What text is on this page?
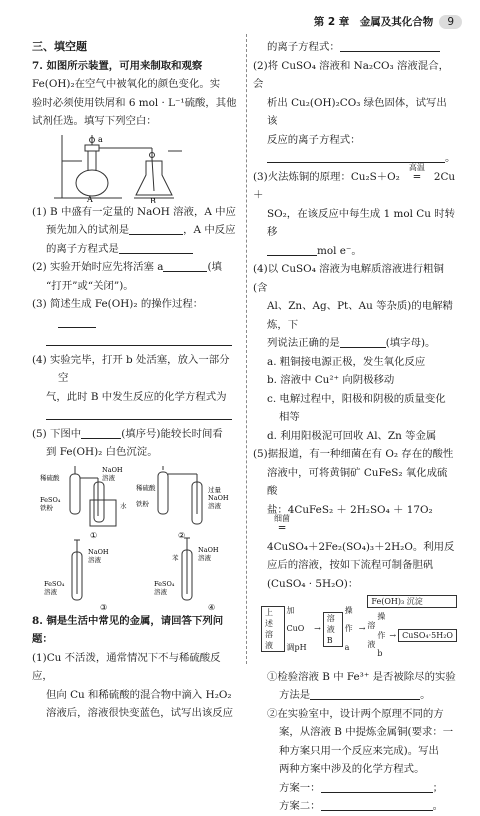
第 2 章　金属及其化合物	9

三、填空题

7. 如图所示装置，可用来制取和观察

Fe(OH)₂在空气中被氧化的颜色变化。实

验时必须使用铁屑和 6 mol · L⁻¹硫酸，其他

试剂任选。填写下列空白：

a
A	B

(1) B 中盛有一定量的 NaOH 溶液，A 中应

预先加入的试剂是	，A 中反应

的离子方程式是

(2) 实验开始时应先将活塞 a	(填

“打开”或“关闭”)。

(3) 简述生成 Fe(OH)₂ 的操作过程：

(4) 实验完毕，打开 b 处活塞，放入一部分空

气，此时 B 中发生反应的化学方程式为

(5) 下图中	(填序号)能较长时间看

到 Fe(OH)₂ 白色沉淀。

稀硫酸
FeSO₄
铁粉
NaOH
溶液
水
稀硫酸
铁粉
过量
NaOH
溶液
NaOH
溶液
FeSO₄
溶液
苯
NaOH
溶液
FeSO₄
溶液
①	②
③	④

8. 铜是生活中常见的金属，请回答下列问题：

(1)Cu 不活泼，通常情况下不与稀硫酸反应，

但向 Cu 和稀硫酸的混合物中滴入 H₂O₂

溶液后，溶液很快变蓝色，试写出该反应

的离子方程式：

(2)将 CuSO₄ 溶液和 Na₂CO₃ 溶液混合，会

析出 Cu₂(OH)₂CO₃ 绿色固体，试写出该

反应的离子方程式：

。

(3)火法炼铜的原理：Cu₂S＋O₂
高温
═ 2Cu＋

SO₂，在该反应中每生成 1 mol Cu 时转移

mol e⁻。

(4)以 CuSO₄ 溶液为电解质溶液进行粗铜(含

Al、Zn、Ag、Pt、Au 等杂质)的电解精炼，下

列说法正确的是	(填字母)。

a. 粗铜接电源正极，发生氧化反应

b. 溶液中 Cu²⁺ 向阴极移动

c. 电解过程中，阳极和阴极的质量变化

相等

d. 利用阳极泥可回收 Al、Zn 等金属

(5)据报道，有一种细菌在有 O₂ 存在的酸性

溶液中，可将黄铜矿 CuFeS₂ 氧化成硫酸

盐：4CuFeS₂ ＋ 2H₂SO₄ ＋ 17O₂
细菌
═

4CuSO₄＋2Fe₂(SO₄)₃＋2H₂O。利用反

应后的溶液，按如下流程可制备胆矾

(CuSO₄ · 5H₂O)：

上述溶液
加CuO 调pH
→
溶液 B
操作a
→
Fe(OH)₃ 沉淀
溶液
操作b
→ CuSO₄·5H₂O

①检验溶液 B 中 Fe³⁺ 是否被除尽的实验

方法是	。

②在实验室中，设计两个原理不同的方

案，从溶液 B 中提炼金属铜(要求：一

种方案只用一个反应来完成)。写出

两种方案中涉及的化学方程式。

方案一：	；

方案二：	。
